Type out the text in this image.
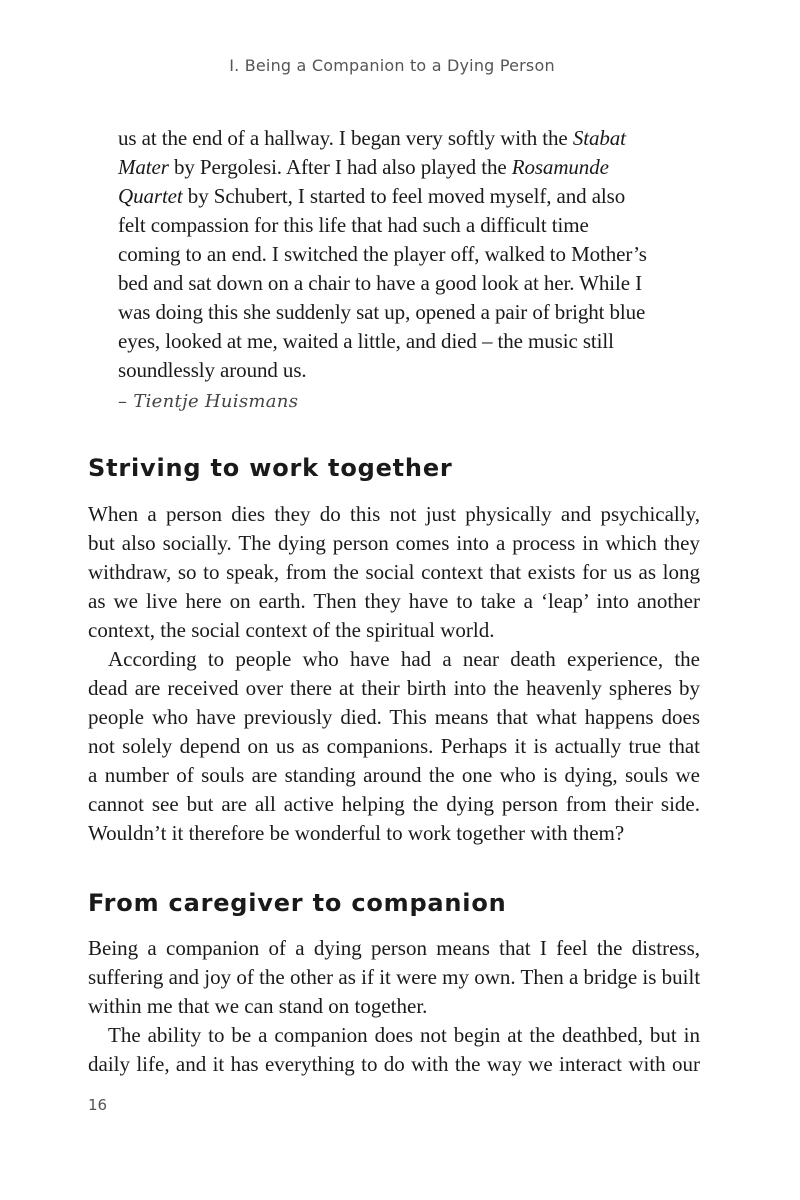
I. Being a Companion to a Dying Person
us at the end of a hallway. I began very softly with the Stabat
Mater by Pergolesi. After I had also played the Rosamunde
Quartet by Schubert, I started to feel moved myself, and also
felt compassion for this life that had such a difficult time
coming to an end. I switched the player off, walked to Mother’s
bed and sat down on a chair to have a good look at her. While I
was doing this she suddenly sat up, opened a pair of bright blue
eyes, looked at me, waited a little, and died – the music still
soundlessly around us.
– Tientje Huismans
Striving to work together
When a person dies they do this not just physically and psychically,
but also socially. The dying person comes into a process in which they
withdraw, so to speak, from the social context that exists for us as long
as we live here on earth. Then they have to take a ‘leap’ into another
context, the social context of the spiritual world.
According to people who have had a near death experience, the
dead are received over there at their birth into the heavenly spheres by
people who have previously died. This means that what happens does
not solely depend on us as companions. Perhaps it is actually true that
a number of souls are standing around the one who is dying, souls we
cannot see but are all active helping the dying person from their side.
Wouldn’t it therefore be wonderful to work together with them?
From caregiver to companion
Being a companion of a dying person means that I feel the distress,
suffering and joy of the other as if it were my own. Then a bridge is built
within me that we can stand on together.
The ability to be a companion does not begin at the deathbed, but in
daily life, and it has everything to do with the way we interact with our
16
